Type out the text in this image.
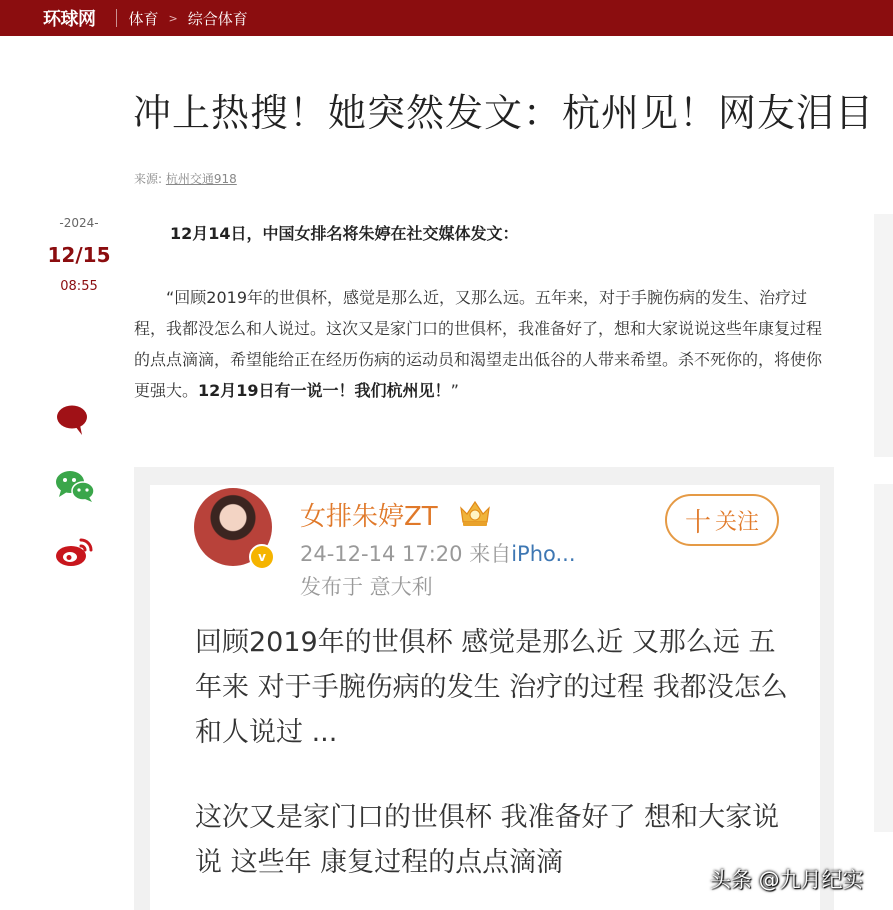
环球网 体育 > 综合体育
冲上热搜！她突然发文：杭州见！网友泪目
来源: 杭州交通918
-2024-
12/15
08:55
12月14日，中国女排名将朱婷在社交媒体发文：

“回顾2019年的世俱杯，感觉是那么近，又那么远。五年来，对于手腕伤病的发生、治疗过程，我都没怎么和人说过。这次又是家门口的世俱杯，我准备好了，想和大家说说这些年康复过程的点点滴滴，希望能给正在经历伤病的运动员和渴望走出低谷的人带来希望。杀不死你的，将使你更强大。12月19日有一说一！我们杭州见！”

v
女排朱婷ZT
24-12-14 17:20 来自iPho...
发布于 意大利
十 关注

回顾2019年的世俱杯 感觉是那么近 又那么远 五年来 对于手腕伤病的发生 治疗的过程 我都没怎么和人说过 ...

这次又是家门口的世俱杯 我准备好了 想和大家说说 这些年 康复过程的点点滴滴

头条 @九月纪实
